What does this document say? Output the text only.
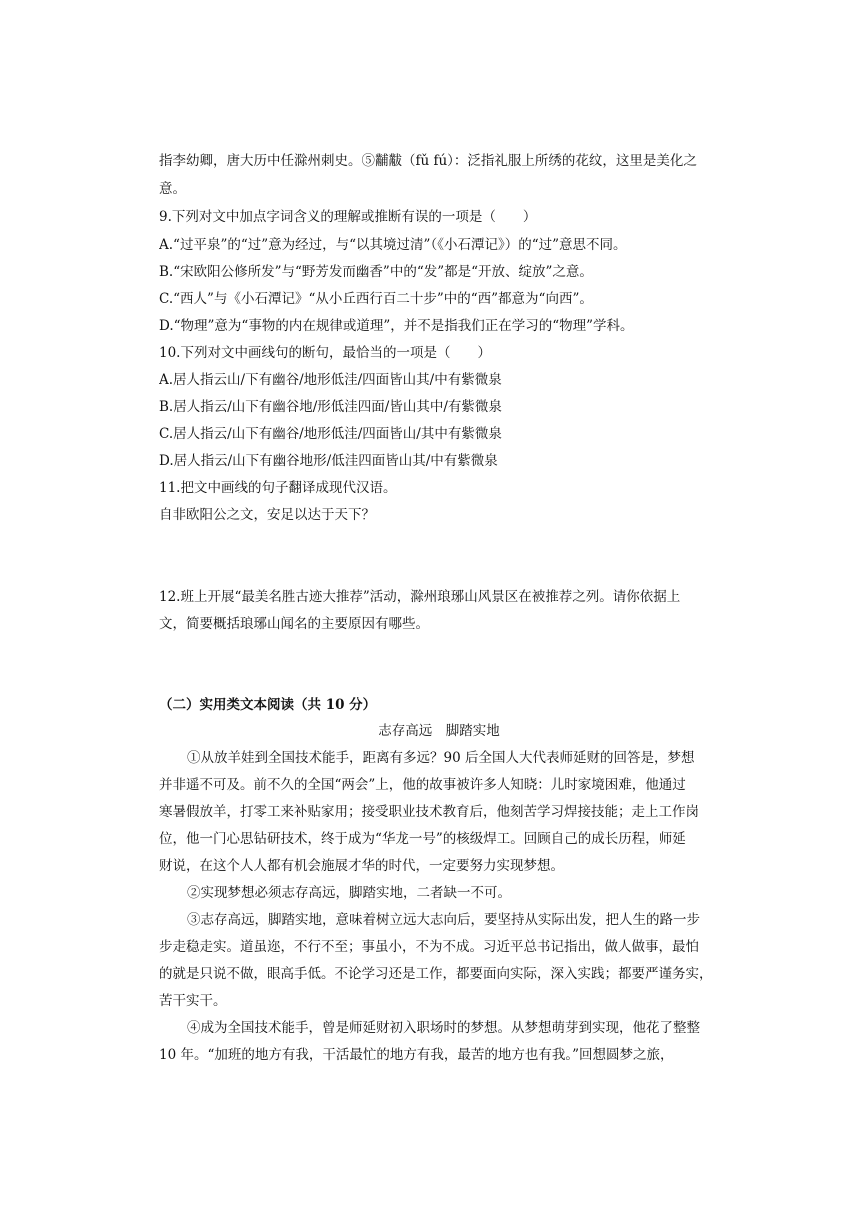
指李幼卿，唐大历中任滁州刺史。⑤黼黻（fǔ fú）：泛指礼服上所绣的花纹，这里是美化之
意。
9.下列对文中加点字词含义的理解或推断有误的一项是（　　）
A.“过平泉”的“过”意为经过，与“以其境过清”（《小石潭记》）的“过”意思不同。
B.“宋欧阳公修所发”与“野芳发而幽香”中的“发”都是“开放、绽放”之意。
C.“西人”与《小石潭记》“从小丘西行百二十步”中的“西”都意为“向西”。
D.“物理”意为“事物的内在规律或道理”，并不是指我们正在学习的“物理”学科。
10.下列对文中画线句的断句，最恰当的一项是（　　）
A.居人指云山/下有幽谷/地形低洼/四面皆山其/中有紫微泉
B.居人指云/山下有幽谷地/形低洼四面/皆山其中/有紫微泉
C.居人指云/山下有幽谷/地形低洼/四面皆山/其中有紫微泉
D.居人指云/山下有幽谷地形/低洼四面皆山其/中有紫微泉
11.把文中画线的句子翻译成现代汉语。
自非欧阳公之文，安足以达于天下？
12.班上开展“最美名胜古迹大推荐”活动，滁州琅琊山风景区在被推荐之列。请你依据上
文，简要概括琅琊山闻名的主要原因有哪些。
（二）实用类文本阅读（共 10 分）
志存高远　脚踏实地
①从放羊娃到全国技术能手，距离有多远？90 后全国人大代表师延财的回答是，梦想
并非遥不可及。前不久的全国“两会”上，他的故事被许多人知晓：儿时家境困难，他通过
寒暑假放羊，打零工来补贴家用；接受职业技术教育后，他刻苦学习焊接技能；走上工作岗
位，他一门心思钻研技术，终于成为“华龙一号”的核级焊工。回顾自己的成长历程，师延
财说，在这个人人都有机会施展才华的时代，一定要努力实现梦想。
②实现梦想必须志存高远，脚踏实地，二者缺一不可。
③志存高远，脚踏实地，意味着树立远大志向后，要坚持从实际出发，把人生的路一步
步走稳走实。道虽迩，不行不至；事虽小，不为不成。习近平总书记指出，做人做事，最怕
的就是只说不做，眼高手低。不论学习还是工作，都要面向实际，深入实践；都要严谨务实，
苦干实干。
④成为全国技术能手，曾是师延财初入职场时的梦想。从梦想萌芽到实现，他花了整整
10 年。“加班的地方有我，干活最忙的地方有我，最苦的地方也有我。”回想圆梦之旅，
